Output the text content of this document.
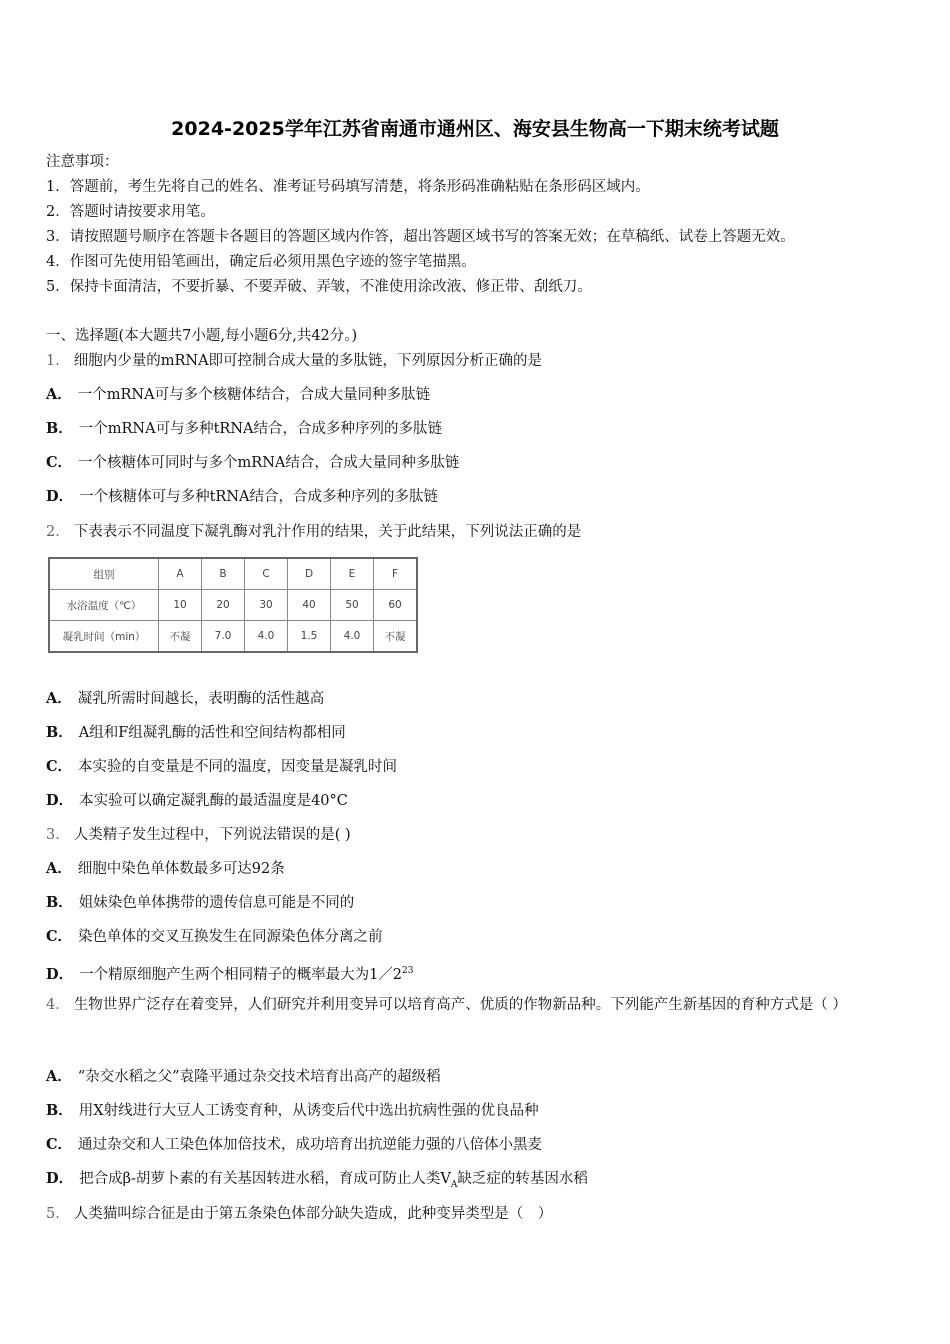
2024-2025学年江苏省南通市通州区、海安县生物高一下期末统考试题
注意事项：
1．答题前，考生先将自己的姓名、准考证号码填写清楚，将条形码准确粘贴在条形码区域内。
2．答题时请按要求用笔。
3．请按照题号顺序在答题卡各题目的答题区域内作答，超出答题区域书写的答案无效；在草稿纸、试卷上答题无效。
4．作图可先使用铅笔画出，确定后必须用黑色字迹的签字笔描黑。
5．保持卡面清洁，不要折暴、不要弄破、弄皱，不准使用涂改液、修正带、刮纸刀。
一、选择题(本大题共7小题,每小题6分,共42分。)
1． 细胞内少量的mRNA即可控制合成大量的多肽链，下列原因分析正确的是
A． 一个mRNA可与多个核糖体结合，合成大量同种多肽链
B． 一个mRNA可与多种tRNA结合，合成多种序列的多肽链
C． 一个核糖体可同时与多个mRNA结合，合成大量同种多肽链
D． 一个核糖体可与多种tRNA结合，合成多种序列的多肽链
2． 下表表示不同温度下凝乳酶对乳汁作用的结果，关于此结果，下列说法正确的是
组别	A	B	C	D	E	F
水浴温度（℃）	10	20	30	40	50	60
凝乳时间（min）	不凝	7.0	4.0	1.5	4.0	不凝
A． 凝乳所需时间越长，表明酶的活性越高
B． A组和F组凝乳酶的活性和空间结构都相同
C． 本实验的自变量是不同的温度，因变量是凝乳时间
D． 本实验可以确定凝乳酶的最适温度是40°C
3． 人类精子发生过程中，下列说法错误的是( )
A． 细胞中染色单体数最多可达92条
B． 姐妹染色单体携带的遗传信息可能是不同的
C． 染色单体的交叉互换发生在同源染色体分离之前
D． 一个精原细胞产生两个相同精子的概率最大为$1/2^{23}$
4． 生物世界广泛存在着变异，人们研究并利用变异可以培育高产、优质的作物新品种。下列能产生新基因的育种方式是（ ）
A． “杂交水稻之父”袁隆平通过杂交技术培育出高产的超级稻
B． 用X射线进行大豆人工诱变育种，从诱变后代中选出抗病性强的优良品种
C． 通过杂交和人工染色体加倍技术，成功培育出抗逆能力强的八倍体小黑麦
D． 把合成β-胡萝卜素的有关基因转进水稻，育成可防止人类$V_A$缺乏症的转基因水稻
5． 人类猫叫综合征是由于第五条染色体部分缺失造成，此种变异类型是（　）
